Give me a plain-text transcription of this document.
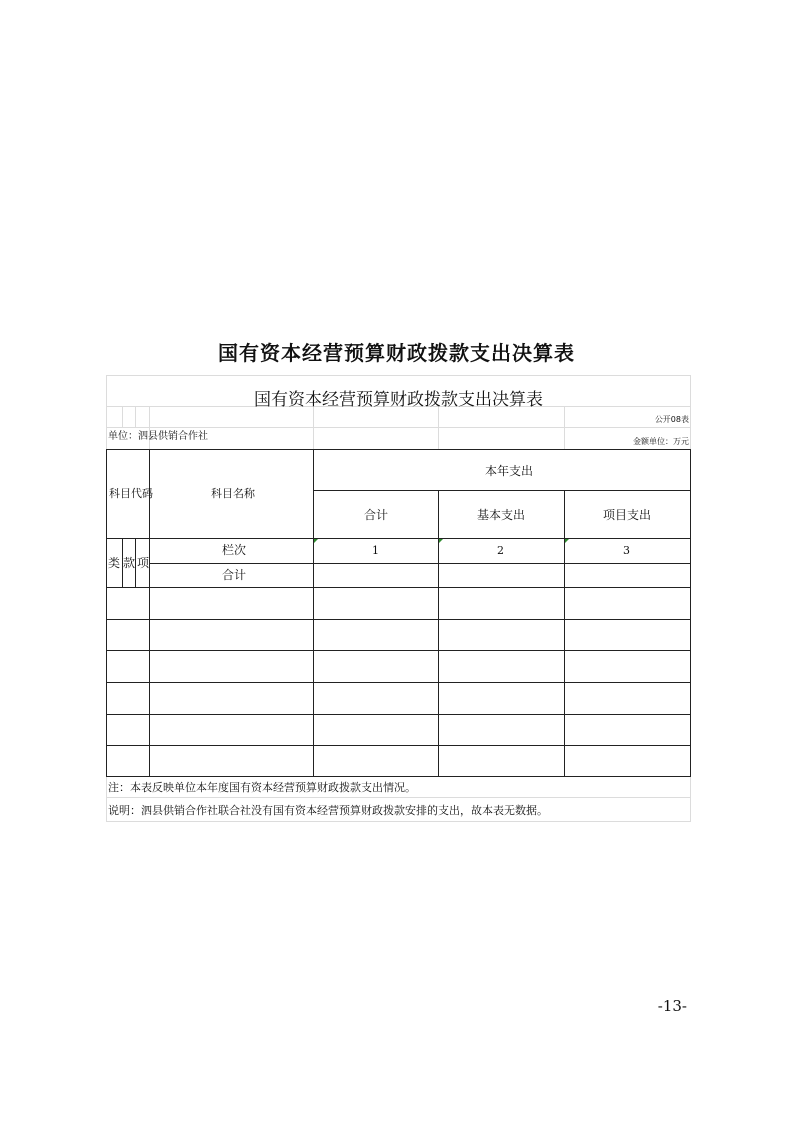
国有资本经营预算财政拨款支出决算表
国有资本经营预算财政拨款支出决算表
公开08表
单位：泗县供销合作社	金额单位：万元
科目代码	科目名称
本年支出
合计	基本支出	项目支出
类 款 项
栏次	1	2	3
合计
注：本表反映单位本年度国有资本经营预算财政拨款支出情况。
说明：泗县供销合作社联合社没有国有资本经营预算财政拨款安排的支出，故本表无数据。
-13-
